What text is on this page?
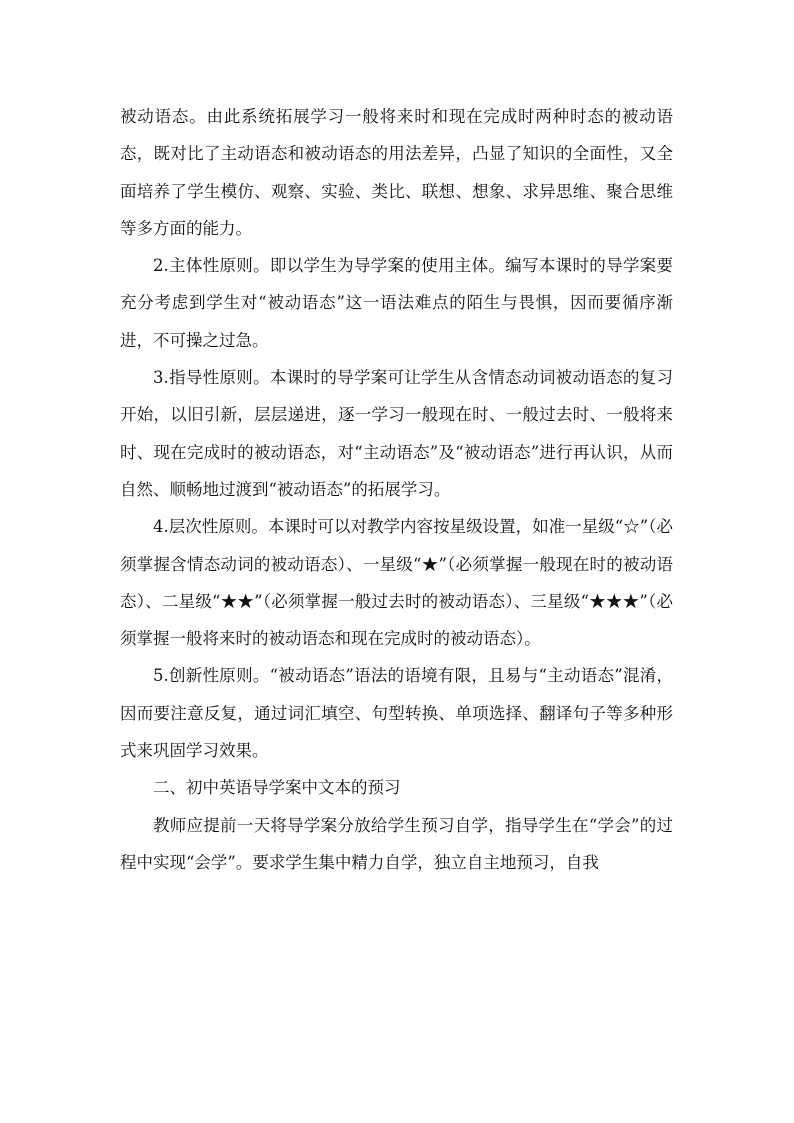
被动语态。由此系统拓展学习一般将来时和现在完成时两种时态的被动语态，既对比了主动语态和被动语态的用法差异，凸显了知识的全面性，又全面培养了学生模仿、观察、实验、类比、联想、想象、求异思维、聚合思维等多方面的能力。

2.主体性原则。即以学生为导学案的使用主体。编写本课时的导学案要充分考虑到学生对“被动语态”这一语法难点的陌生与畏惧，因而要循序渐进，不可操之过急。

3.指导性原则。本课时的导学案可让学生从含情态动词被动语态的复习开始，以旧引新，层层递进，逐一学习一般现在时、一般过去时、一般将来时、现在完成时的被动语态，对“主动语态”及“被动语态”进行再认识，从而自然、顺畅地过渡到“被动语态”的拓展学习。

4.层次性原则。本课时可以对教学内容按星级设置，如准一星级“☆”（必须掌握含情态动词的被动语态）、一星级“★”（必须掌握一般现在时的被动语态）、二星级“★★”（必须掌握一般过去时的被动语态）、三星级“★★★”（必须掌握一般将来时的被动语态和现在完成时的被动语态）。

5.创新性原则。“被动语态”语法的语境有限，且易与“主动语态”混淆，因而要注意反复，通过词汇填空、句型转换、单项选择、翻译句子等多种形式来巩固学习效果。

二、初中英语导学案中文本的预习

教师应提前一天将导学案分放给学生预习自学，指导学生在“学会”的过程中实现“会学”。要求学生集中精力自学，独立自主地预习，自我
